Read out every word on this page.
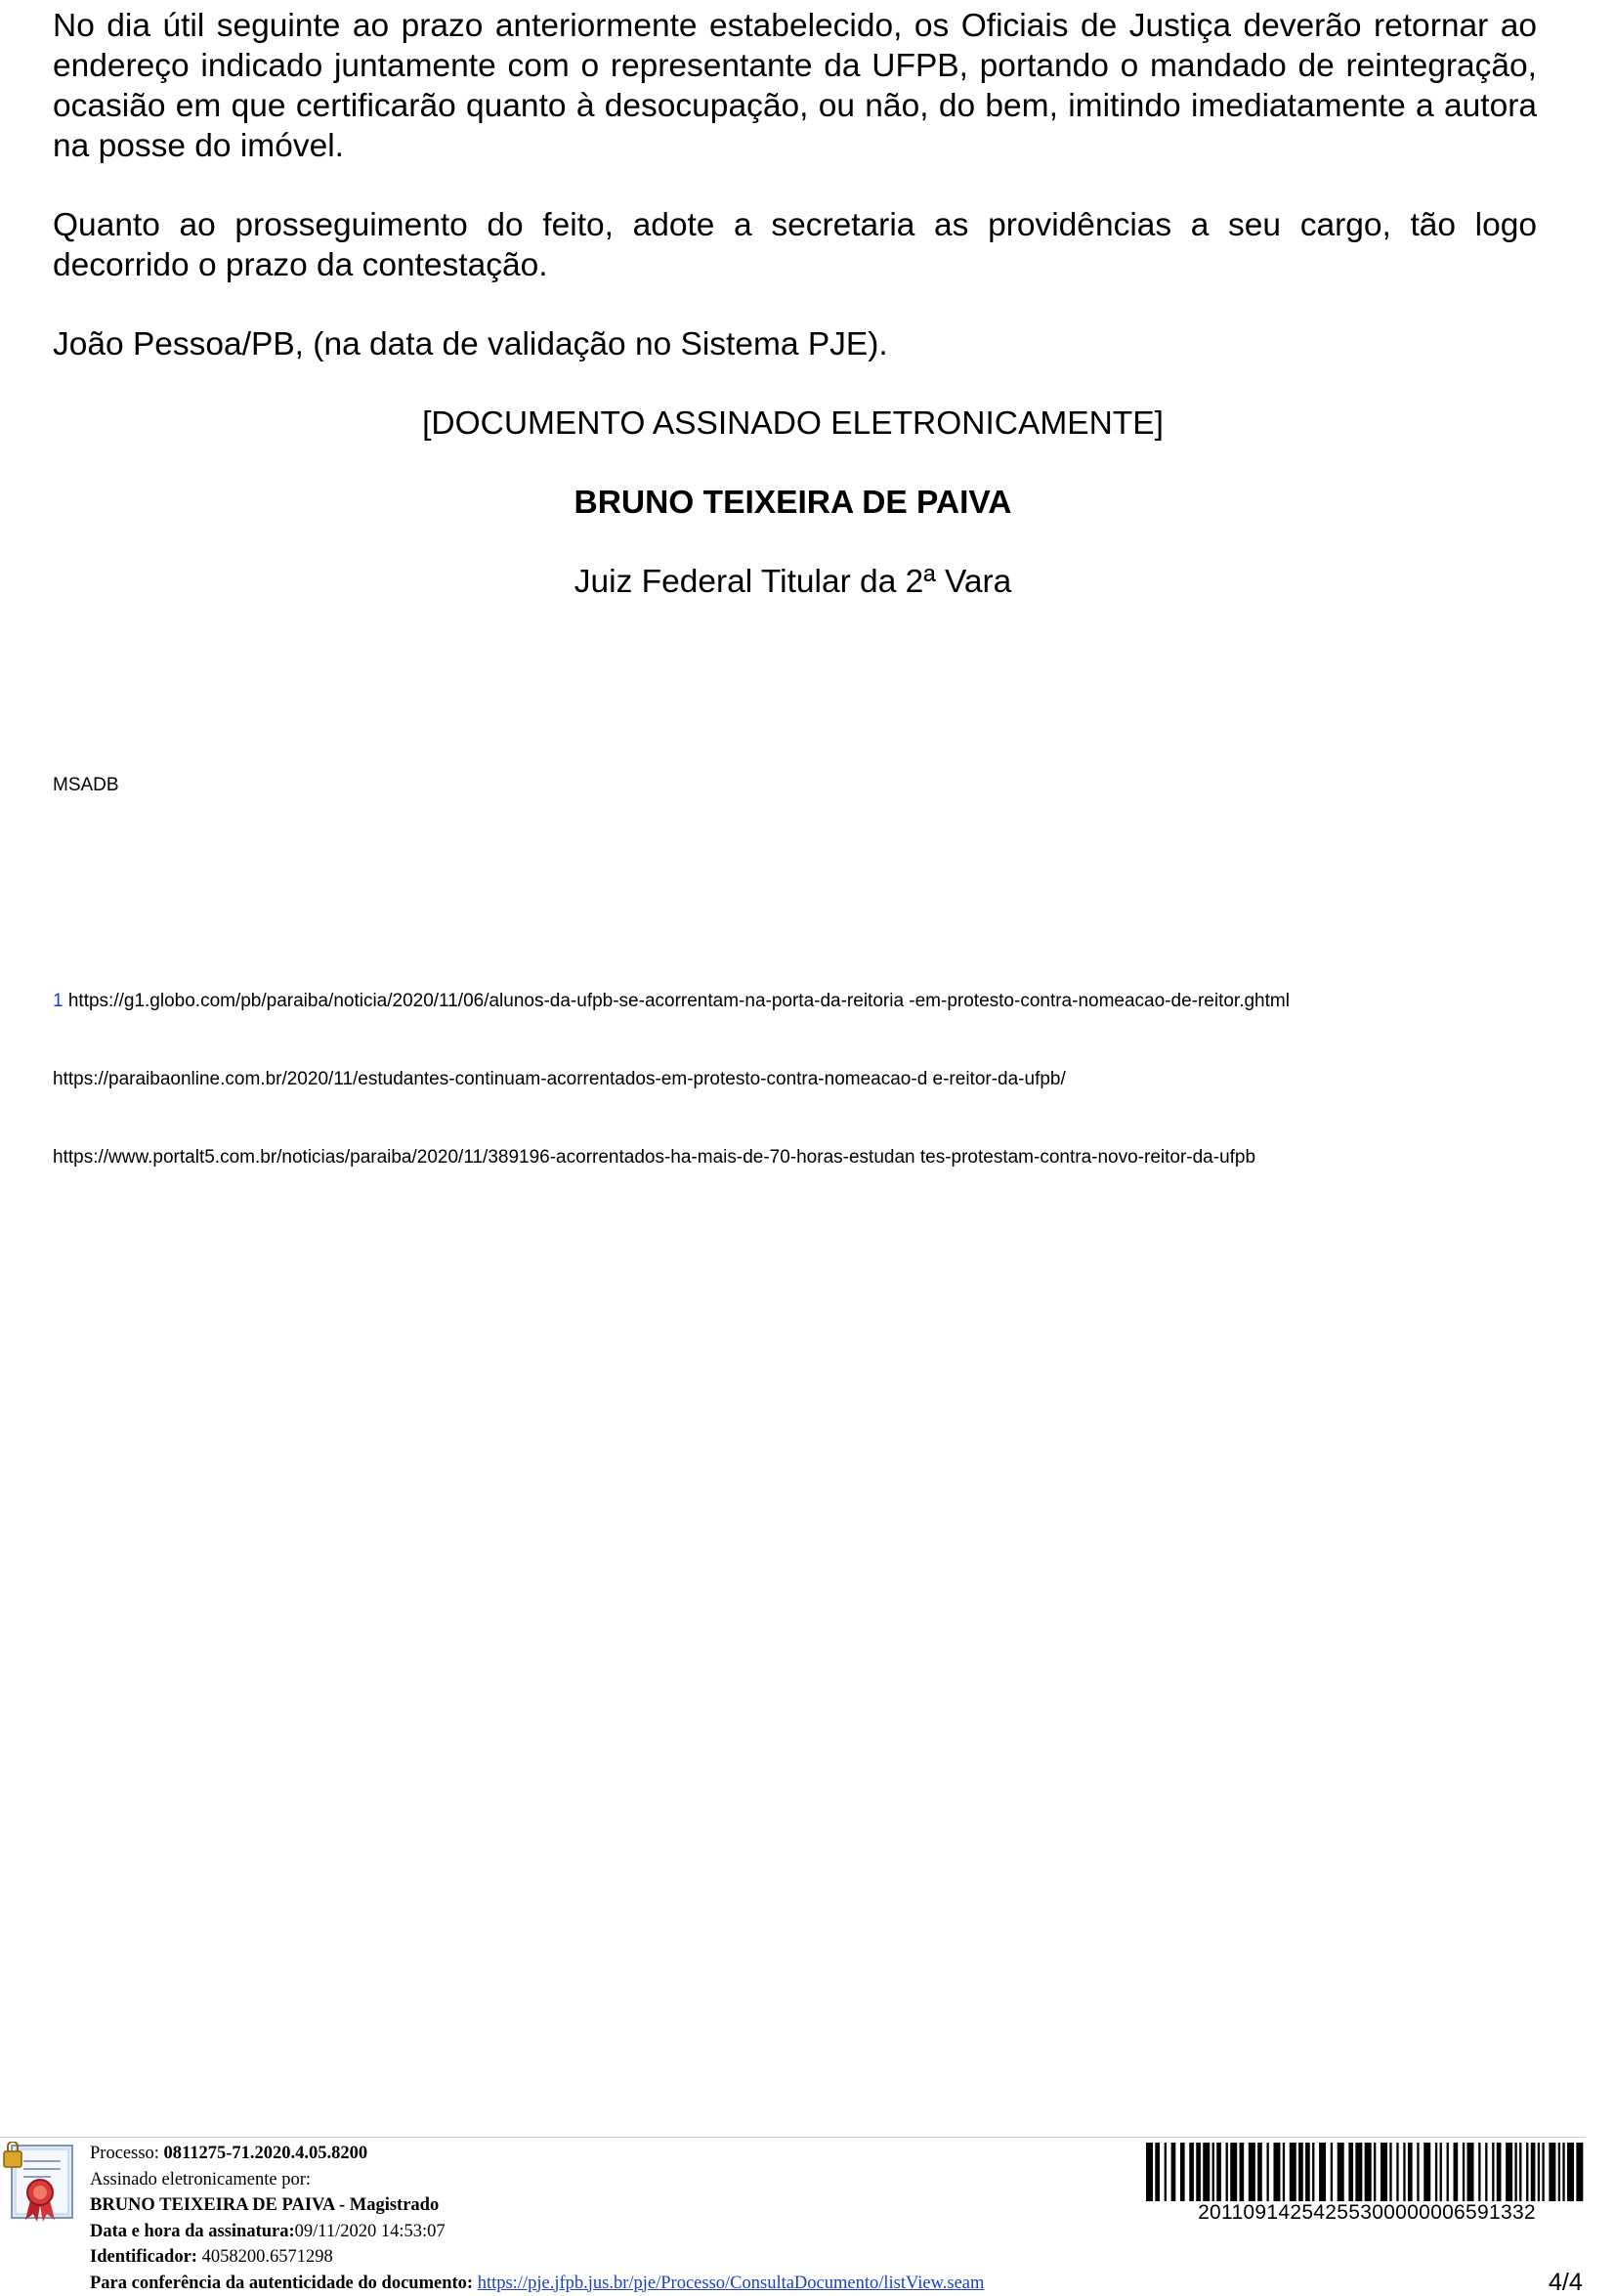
No dia útil seguinte ao prazo anteriormente estabelecido, os Oficiais de Justiça deverão retornar ao endereço indicado juntamente com o representante da UFPB, portando o mandado de reintegração, ocasião em que certificarão quanto à desocupação, ou não, do bem, imitindo imediatamente a autora na posse do imóvel.

Quanto ao prosseguimento do feito, adote a secretaria as providências a seu cargo, tão logo decorrido o prazo da contestação.

João Pessoa/PB, (na data de validação no Sistema PJE).

[DOCUMENTO ASSINADO ELETRONICAMENTE]

BRUNO TEIXEIRA DE PAIVA

Juiz Federal Titular da 2ª Vara

MSADB

1 https://g1.globo.com/pb/paraiba/noticia/2020/11/06/alunos-da-ufpb-se-acorrentam-na-porta-da-reitoria -em-protesto-contra-nomeacao-de-reitor.ghtml

https://paraibaonline.com.br/2020/11/estudantes-continuam-acorrentados-em-protesto-contra-nomeacao-d e-reitor-da-ufpb/

https://www.portalt5.com.br/noticias/paraiba/2020/11/389196-acorrentados-ha-mais-de-70-horas-estudan tes-protestam-contra-novo-reitor-da-ufpb

Processo: 0811275-71.2020.4.05.8200
Assinado eletronicamente por:
BRUNO TEIXEIRA DE PAIVA - Magistrado
Data e hora da assinatura:09/11/2020 14:53:07
Identificador: 4058200.6571298
Para conferência da autenticidade do documento: https://pje.jfpb.jus.br/pje/Processo/ConsultaDocumento/listView.seam
20110914254255300000006591332
4/4
